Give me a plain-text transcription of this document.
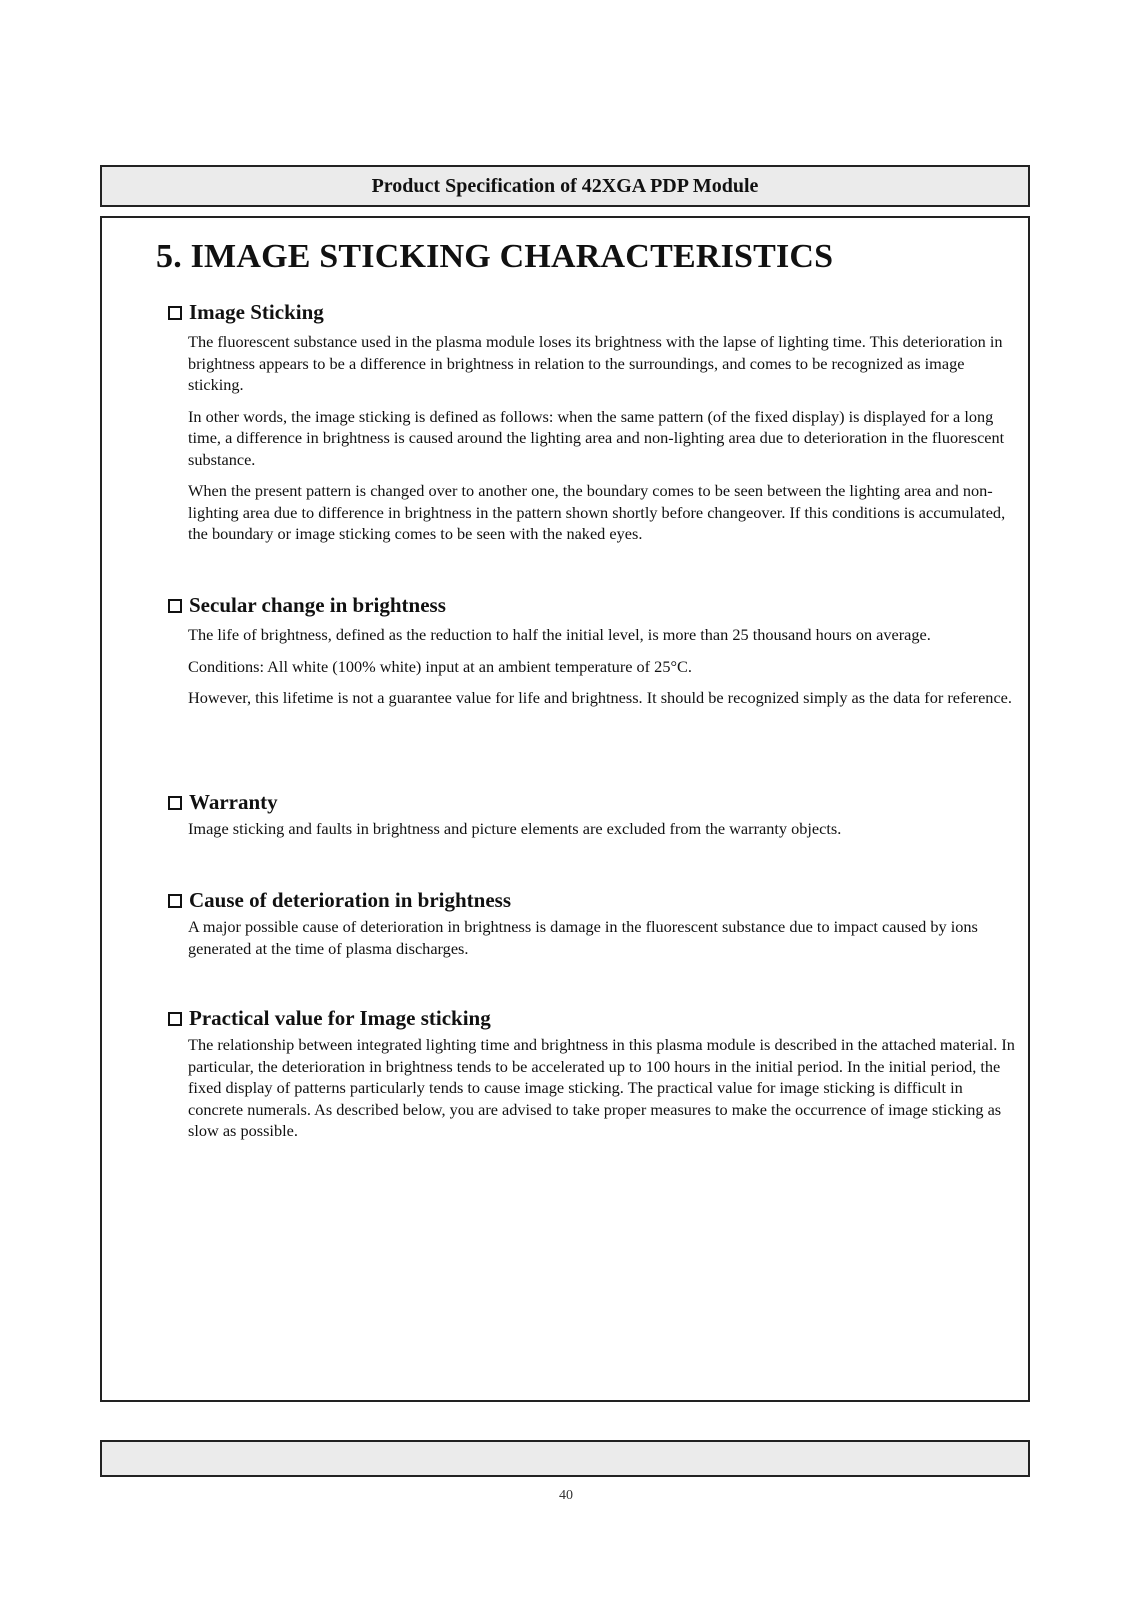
Product Specification of 42XGA PDP Module
5. IMAGE STICKING CHARACTERISTICS
Image Sticking

The fluorescent substance used in the plasma module loses its brightness with the lapse of lighting time. This deterioration in brightness appears to be a difference in brightness in relation to the surroundings, and comes to be recognized as image sticking.

In other words, the image sticking is defined as follows: when the same pattern (of the fixed display) is displayed for a long time, a difference in brightness is caused around the lighting area and non-lighting area due to deterioration in the fluorescent substance.

When the present pattern is changed over to another one, the boundary comes to be seen between the lighting area and non-lighting area due to difference in brightness in the pattern shown shortly before changeover. If this conditions is accumulated, the boundary or image sticking comes to be seen with the naked eyes.

Secular change in brightness

The life of brightness, defined as the reduction to half the initial level, is more than 25 thousand hours on average.

Conditions: All white (100% white) input at an ambient temperature of 25°C.

However, this lifetime is not a guarantee value for life and brightness. It should be recognized simply as the data for reference.

Warranty

Image sticking and faults in brightness and picture elements are excluded from the warranty objects.

Cause of deterioration in brightness

A major possible cause of deterioration in brightness is damage in the fluorescent substance due to impact caused by ions generated at the time of plasma discharges.

Practical value for Image sticking

The relationship between integrated lighting time and brightness in this plasma module is described in the attached material. In particular, the deterioration in brightness tends to be accelerated up to 100 hours in the initial period. In the initial period, the fixed display of patterns particularly tends to cause image sticking. The practical value for image sticking is difficult in concrete numerals. As described below, you are advised to take proper measures to make the occurrence of image sticking as slow as possible.

40
